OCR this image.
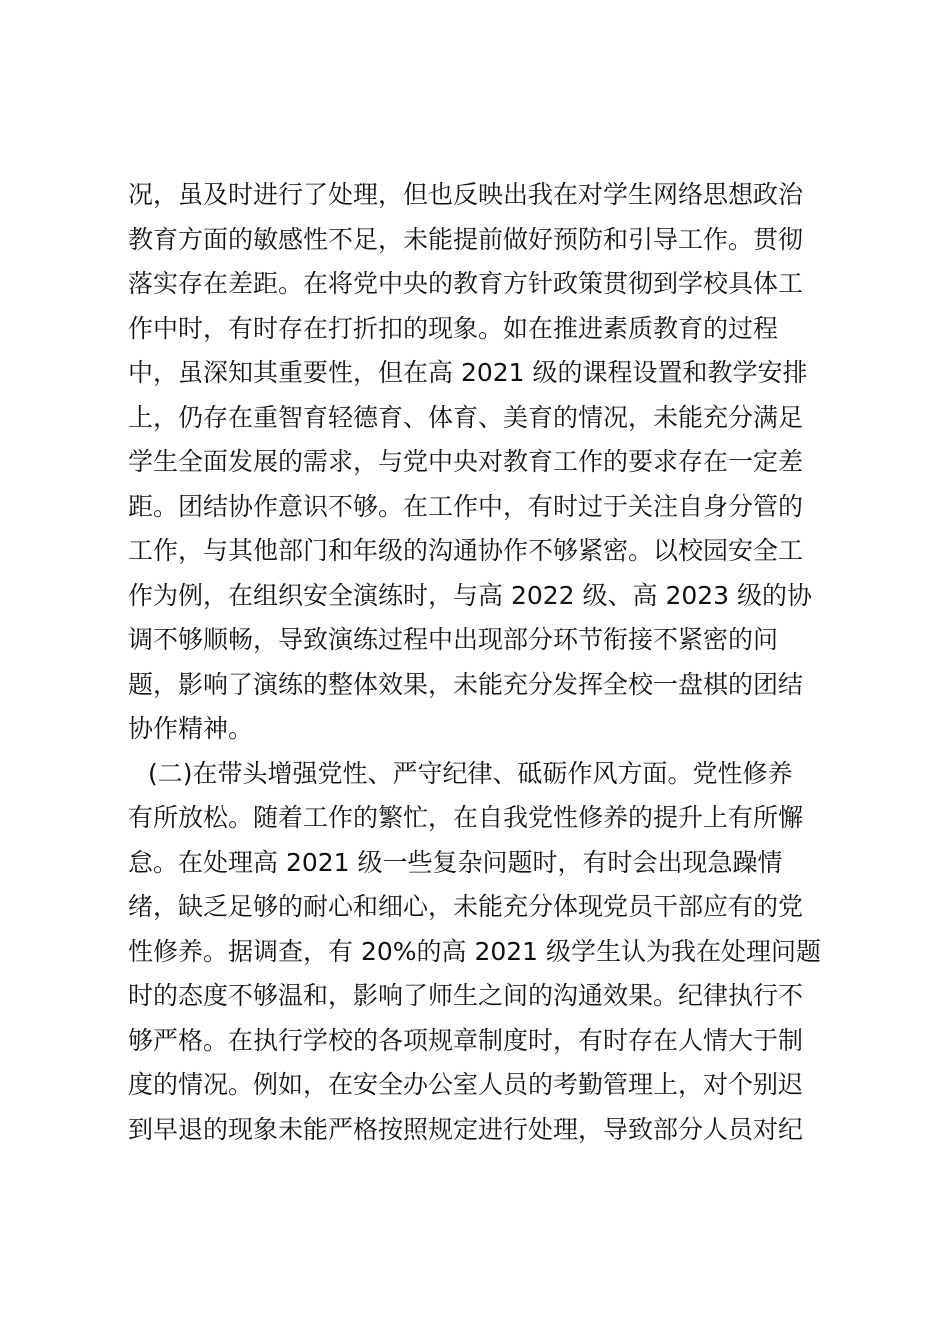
况，虽及时进行了处理，但也反映出我在对学生网络思想政治
教育方面的敏感性不足，未能提前做好预防和引导工作。贯彻
落实存在差距。在将党中央的教育方针政策贯彻到学校具体工
作中时，有时存在打折扣的现象。如在推进素质教育的过程
中，虽深知其重要性，但在高 2021 级的课程设置和教学安排
上，仍存在重智育轻德育、体育、美育的情况，未能充分满足
学生全面发展的需求，与党中央对教育工作的要求存在一定差
距。团结协作意识不够。在工作中，有时过于关注自身分管的
工作，与其他部门和年级的沟通协作不够紧密。以校园安全工
作为例，在组织安全演练时，与高 2022 级、高 2023 级的协
调不够顺畅，导致演练过程中出现部分环节衔接不紧密的问
题，影响了演练的整体效果，未能充分发挥全校一盘棋的团结
协作精神。
(二)在带头增强党性、严守纪律、砥砺作风方面。党性修养
有所放松。随着工作的繁忙，在自我党性修养的提升上有所懈
怠。在处理高 2021 级一些复杂问题时，有时会出现急躁情
绪，缺乏足够的耐心和细心，未能充分体现党员干部应有的党
性修养。据调查，有 20%的高 2021 级学生认为我在处理问题
时的态度不够温和，影响了师生之间的沟通效果。纪律执行不
够严格。在执行学校的各项规章制度时，有时存在人情大于制
度的情况。例如，在安全办公室人员的考勤管理上，对个别迟
到早退的现象未能严格按照规定进行处理，导致部分人员对纪
